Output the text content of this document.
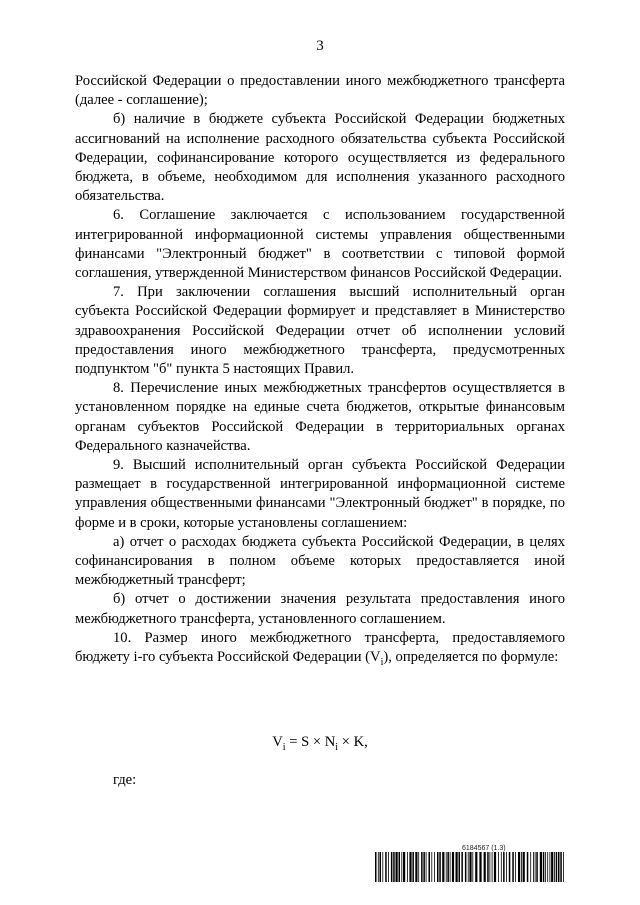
3

Российской Федерации о предоставлении иного межбюджетного трансферта (далее - соглашение);

б) наличие в бюджете субъекта Российской Федерации бюджетных ассигнований на исполнение расходного обязательства субъекта Российской Федерации, софинансирование которого осуществляется из федерального бюджета, в объеме, необходимом для исполнения указанного расходного обязательства.

6. Соглашение заключается с использованием государственной интегрированной информационной системы управления общественными финансами "Электронный бюджет" в соответствии с типовой формой соглашения, утвержденной Министерством финансов Российской Федерации.

7. При заключении соглашения высший исполнительный орган субъекта Российской Федерации формирует и представляет в Министерство здравоохранения Российской Федерации отчет об исполнении условий предоставления иного межбюджетного трансферта, предусмотренных подпунктом "б" пункта 5 настоящих Правил.

8. Перечисление иных межбюджетных трансфертов осуществляется в установленном порядке на единые счета бюджетов, открытые финансовым органам субъектов Российской Федерации в территориальных органах Федерального казначейства.

9. Высший исполнительный орган субъекта Российской Федерации размещает в государственной интегрированной информационной системе управления общественными финансами "Электронный бюджет" в порядке, по форме и в сроки, которые установлены соглашением:

а) отчет о расходах бюджета субъекта Российской Федерации, в целях софинансирования в полном объеме которых предоставляется иной межбюджетный трансферт;

б) отчет о достижении значения результата предоставления иного межбюджетного трансферта, установленного соглашением.

10. Размер иного межбюджетного трансферта, предоставляемого бюджету i-го субъекта Российской Федерации $(V_i)$, определяется по формуле:

$V_i = S \times N_i \times K$,
где:
6184567 (1.3)
